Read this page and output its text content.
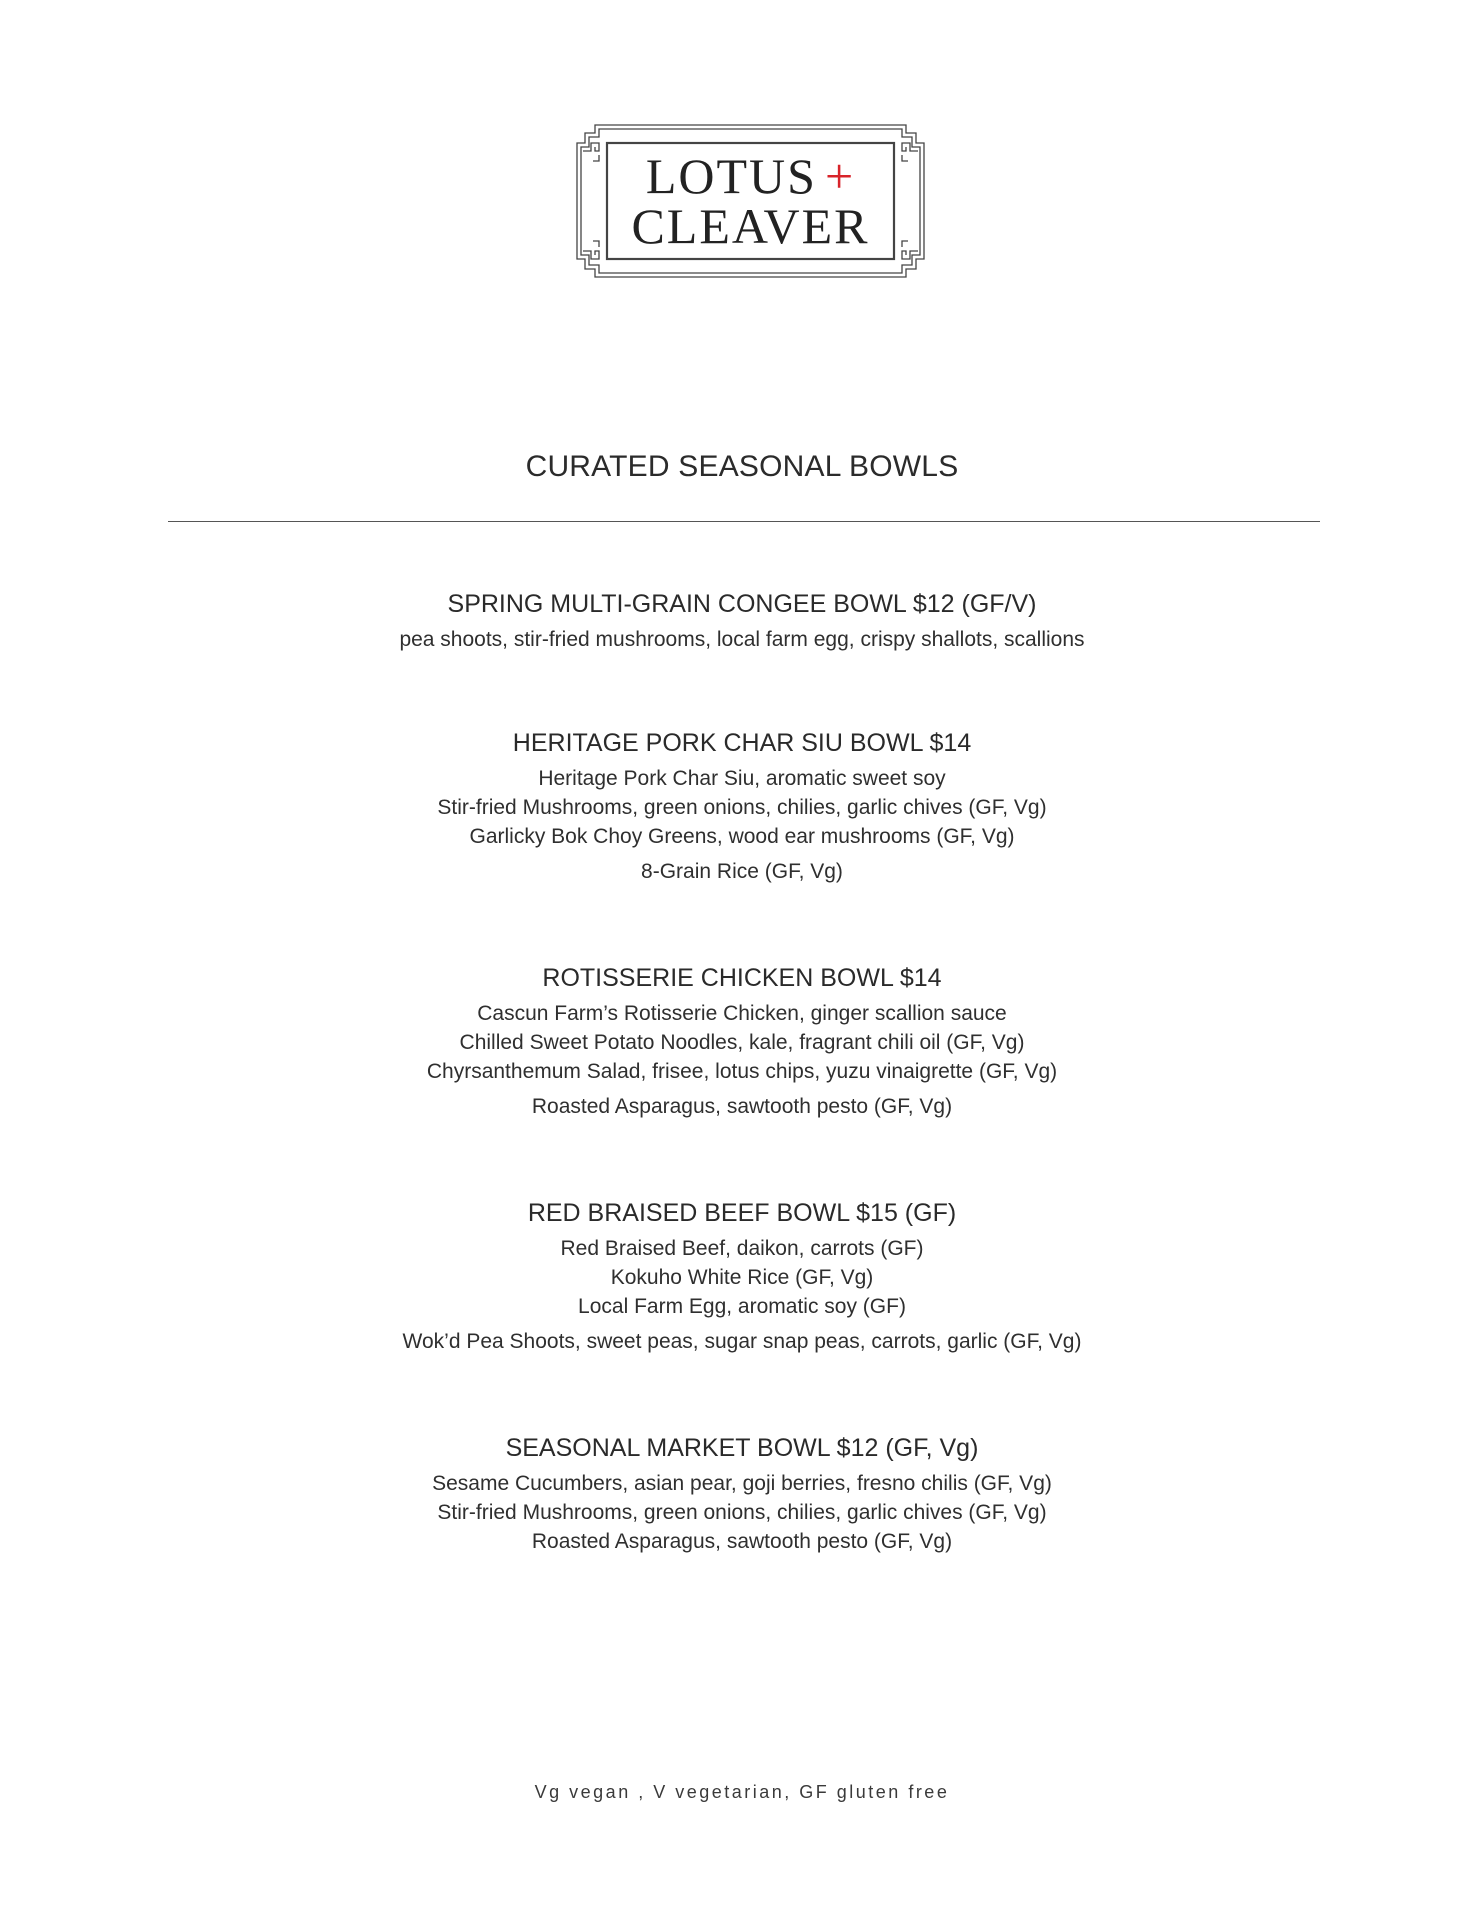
LOTUS +
CLEAVER
CURATED SEASONAL BOWLS
SPRING MULTI-GRAIN CONGEE BOWL $12 (GF/V)
pea shoots, stir-fried mushrooms, local farm egg, crispy shallots, scallions
HERITAGE PORK CHAR SIU BOWL $14
Heritage Pork Char Siu, aromatic sweet soy
Stir-fried Mushrooms, green onions, chilies, garlic chives (GF, Vg)
Garlicky Bok Choy Greens, wood ear mushrooms (GF, Vg)
8-Grain Rice (GF, Vg)
ROTISSERIE CHICKEN BOWL $14
Cascun Farm’s Rotisserie Chicken, ginger scallion sauce
Chilled Sweet Potato Noodles, kale, fragrant chili oil (GF, Vg)
Chyrsanthemum Salad, frisee, lotus chips, yuzu vinaigrette (GF, Vg)
Roasted Asparagus, sawtooth pesto (GF, Vg)
RED BRAISED BEEF BOWL $15 (GF)
Red Braised Beef, daikon, carrots (GF)
Kokuho White Rice (GF, Vg)
Local Farm Egg, aromatic soy (GF)
Wok’d Pea Shoots, sweet peas, sugar snap peas, carrots, garlic (GF, Vg)
SEASONAL MARKET BOWL $12 (GF, Vg)
Sesame Cucumbers, asian pear, goji berries, fresno chilis (GF, Vg)
Stir-fried Mushrooms, green onions, chilies, garlic chives (GF, Vg)
Roasted Asparagus, sawtooth pesto (GF, Vg)
Vg vegan , V vegetarian, GF gluten free
